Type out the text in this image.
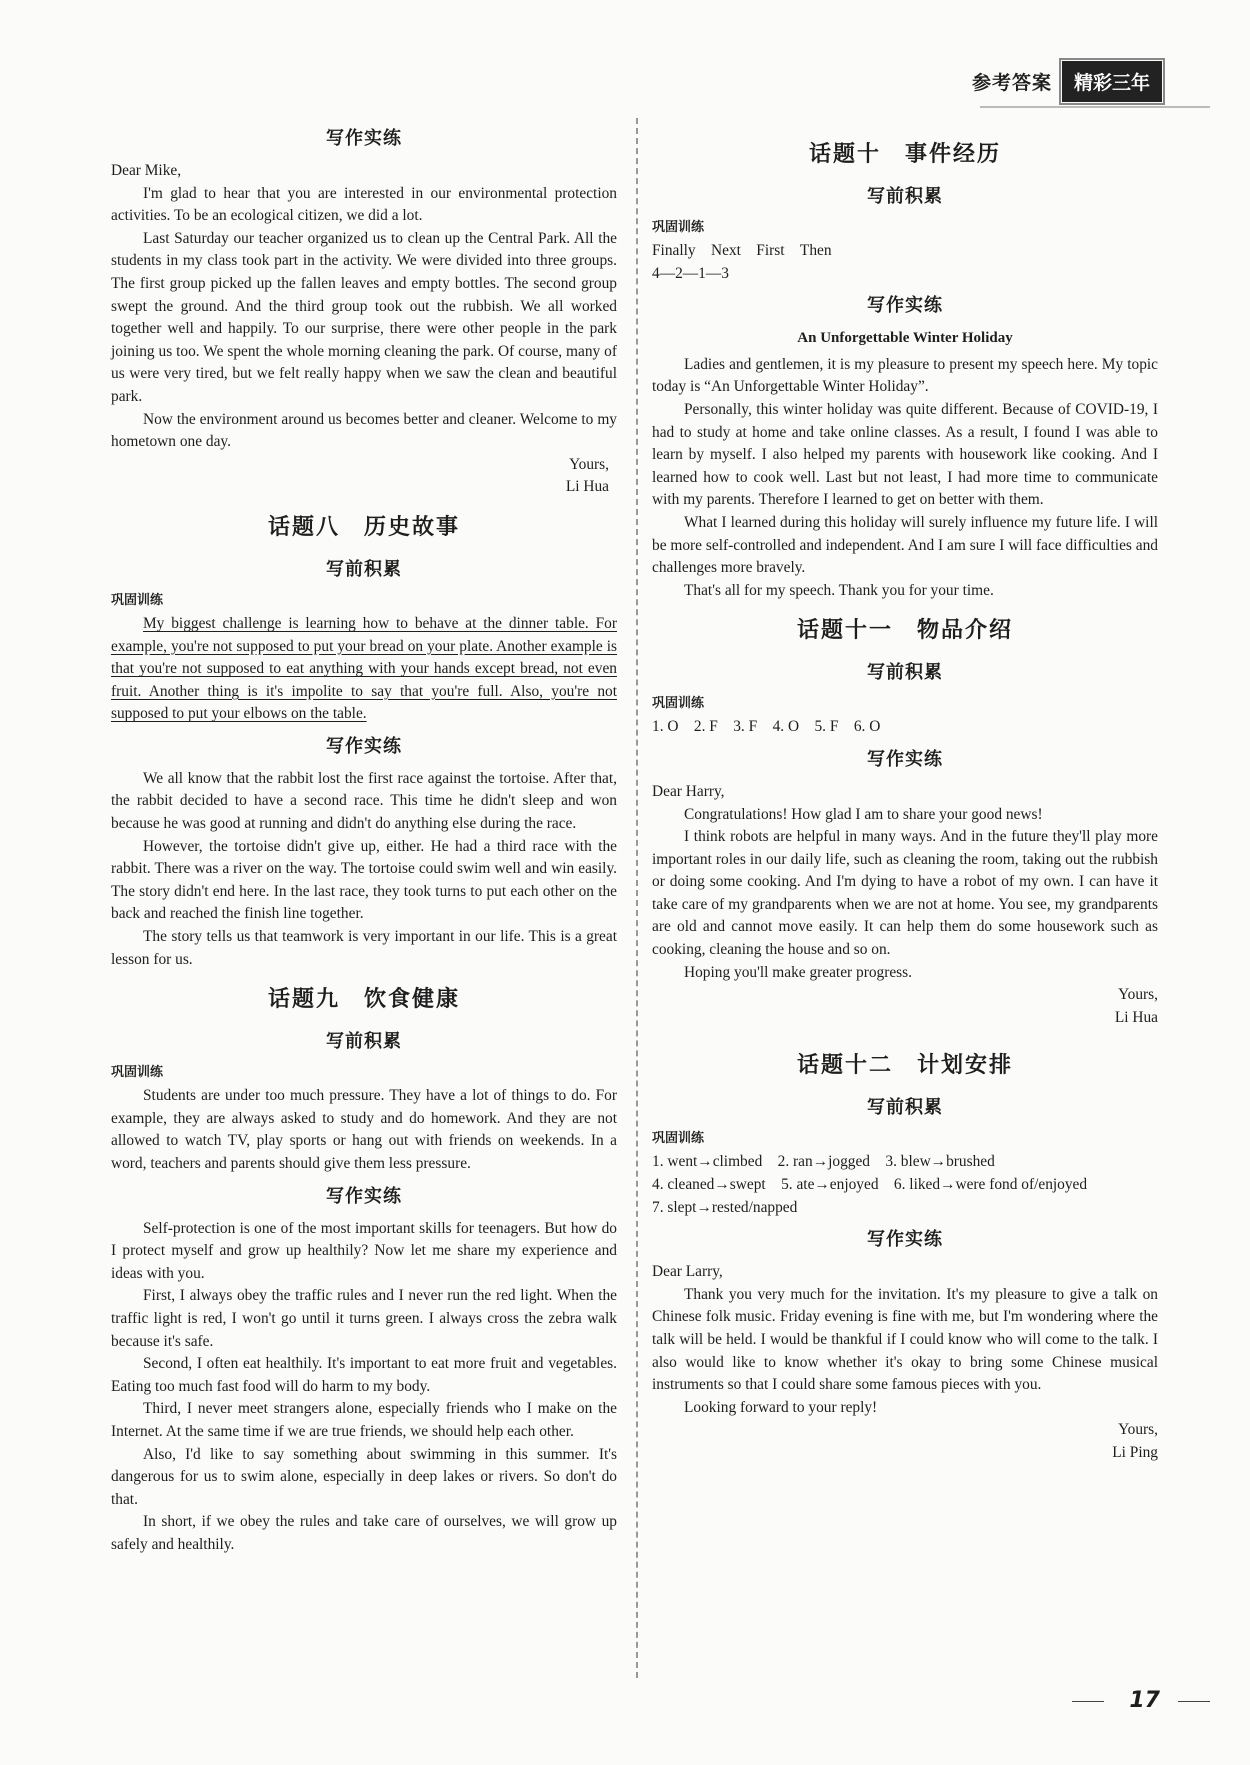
参考答案	精彩三年
写作实练

Dear Mike,

I'm glad to hear that you are interested in our environmental protection activities. To be an ecological citizen, we did a lot.

Last Saturday our teacher organized us to clean up the Central Park. All the students in my class took part in the activity. We were divided into three groups. The first group picked up the fallen leaves and empty bottles. The second group swept the ground. And the third group took out the rubbish. We all worked together well and happily. To our surprise, there were other people in the park joining us too. We spent the whole morning cleaning the park. Of course, many of us were very tired, but we felt really happy when we saw the clean and beautiful park.

Now the environment around us becomes better and cleaner. Welcome to my hometown one day.

Yours,

Li Hua

话题八　历史故事
写前积累
巩固训练

My biggest challenge is learning how to behave at the dinner table. For example, you're not supposed to put your bread on your plate. Another example is that you're not supposed to eat anything with your hands except bread, not even fruit. Another thing is it's impolite to say that you're full. Also, you're not supposed to put your elbows on the table.

写作实练

We all know that the rabbit lost the first race against the tortoise. After that, the rabbit decided to have a second race. This time he didn't sleep and won because he was good at running and didn't do anything else during the race.

However, the tortoise didn't give up, either. He had a third race with the rabbit. There was a river on the way. The tortoise could swim well and win easily. The story didn't end here. In the last race, they took turns to put each other on the back and reached the finish line together.

The story tells us that teamwork is very important in our life. This is a great lesson for us.

话题九　饮食健康
写前积累
巩固训练

Students are under too much pressure. They have a lot of things to do. For example, they are always asked to study and do homework. And they are not allowed to watch TV, play sports or hang out with friends on weekends. In a word, teachers and parents should give them less pressure.

写作实练

Self-protection is one of the most important skills for teenagers. But how do I protect myself and grow up healthily? Now let me share my experience and ideas with you.

First, I always obey the traffic rules and I never run the red light. When the traffic light is red, I won't go until it turns green. I always cross the zebra walk because it's safe.

Second, I often eat healthily. It's important to eat more fruit and vegetables. Eating too much fast food will do harm to my body.

Third, I never meet strangers alone, especially friends who I make on the Internet. At the same time if we are true friends, we should help each other.

Also, I'd like to say something about swimming in this summer. It's dangerous for us to swim alone, especially in deep lakes or rivers. So don't do that.

In short, if we obey the rules and take care of ourselves, we will grow up safely and healthily.

话题十　事件经历
写前积累
巩固训练

Finally　Next　First　Then

4—2—1—3

写作实练

An Unforgettable Winter Holiday

Ladies and gentlemen, it is my pleasure to present my speech here. My topic today is “An Unforgettable Winter Holiday”.

Personally, this winter holiday was quite different. Because of COVID-19, I had to study at home and take online classes. As a result, I found I was able to learn by myself. I also helped my parents with housework like cooking. And I learned how to cook well. Last but not least, I had more time to communicate with my parents. Therefore I learned to get on better with them.

What I learned during this holiday will surely influence my future life. I will be more self-controlled and independent. And I am sure I will face difficulties and challenges more bravely.

That's all for my speech. Thank you for your time.

话题十一　物品介绍
写前积累
巩固训练

1. O　2. F　3. F　4. O　5. F　6. O

写作实练

Dear Harry,

Congratulations! How glad I am to share your good news!

I think robots are helpful in many ways. And in the future they'll play more important roles in our daily life, such as cleaning the room, taking out the rubbish or doing some cooking. And I'm dying to have a robot of my own. I can have it take care of my grandparents when we are not at home. You see, my grandparents are old and cannot move easily. It can help them do some housework such as cooking, cleaning the house and so on.

Hoping you'll make greater progress.

Yours,

Li Hua

话题十二　计划安排
写前积累
巩固训练

1. went→climbed　2. ran→jogged　3. blew→brushed

4. cleaned→swept　5. ate→enjoyed　6. liked→were fond of/enjoyed

7. slept→rested/napped

写作实练

Dear Larry,

Thank you very much for the invitation. It's my pleasure to give a talk on Chinese folk music. Friday evening is fine with me, but I'm wondering where the talk will be held. I would be thankful if I could know who will come to the talk. I also would like to know whether it's okay to bring some Chinese musical instruments so that I could share some famous pieces with you.

Looking forward to your reply!

Yours,

Li Ping

17
